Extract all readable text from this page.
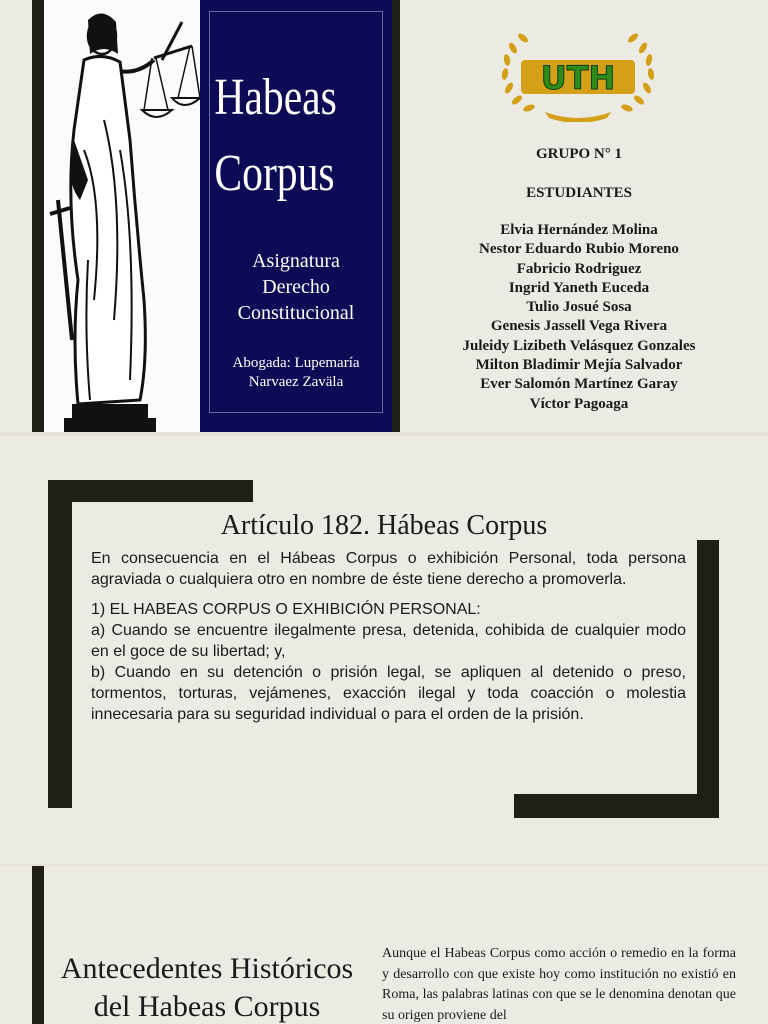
Habeas
Corpus
Asignatura
Derecho
Constitucional
Abogada: Lupemaría
Narvaez Zaväla
UTH
GRUPO N° 1
ESTUDIANTES
Elvia Hernández Molina
Nestor Eduardo Rubio Moreno
Fabricio Rodriguez
Ingrid Yaneth Euceda
Tulio Josué Sosa
Genesis Jassell Vega Rivera
Juleidy Lizibeth Velásquez Gonzales
Milton Bladimir Mejía Salvador
Ever Salomón Martínez Garay
Víctor Pagoaga
Artículo 182. Hábeas Corpus

En consecuencia en el Hábeas Corpus o exhibición Personal, toda persona agraviada o cualquiera otro en nombre de éste tiene derecho a promoverla.

1) EL HABEAS CORPUS O EXHIBICIÓN PERSONAL:

a) Cuando se encuentre ilegalmente presa, detenida, cohibida de cualquier modo en el goce de su libertad; y,

b) Cuando en su detención o prisión legal, se apliquen al detenido o preso, tormentos, torturas, vejámenes, exacción ilegal y toda coacción o molestia innecesaria para su seguridad individual o para el orden de la prisión.

Antecedentes Históricos
del Habeas Corpus
Aunque el Habeas Corpus como acción o remedio en la forma y desarrollo con que existe hoy como institución no existió en Roma, las palabras latinas con que se le denomina denotan que su origen proviene del
